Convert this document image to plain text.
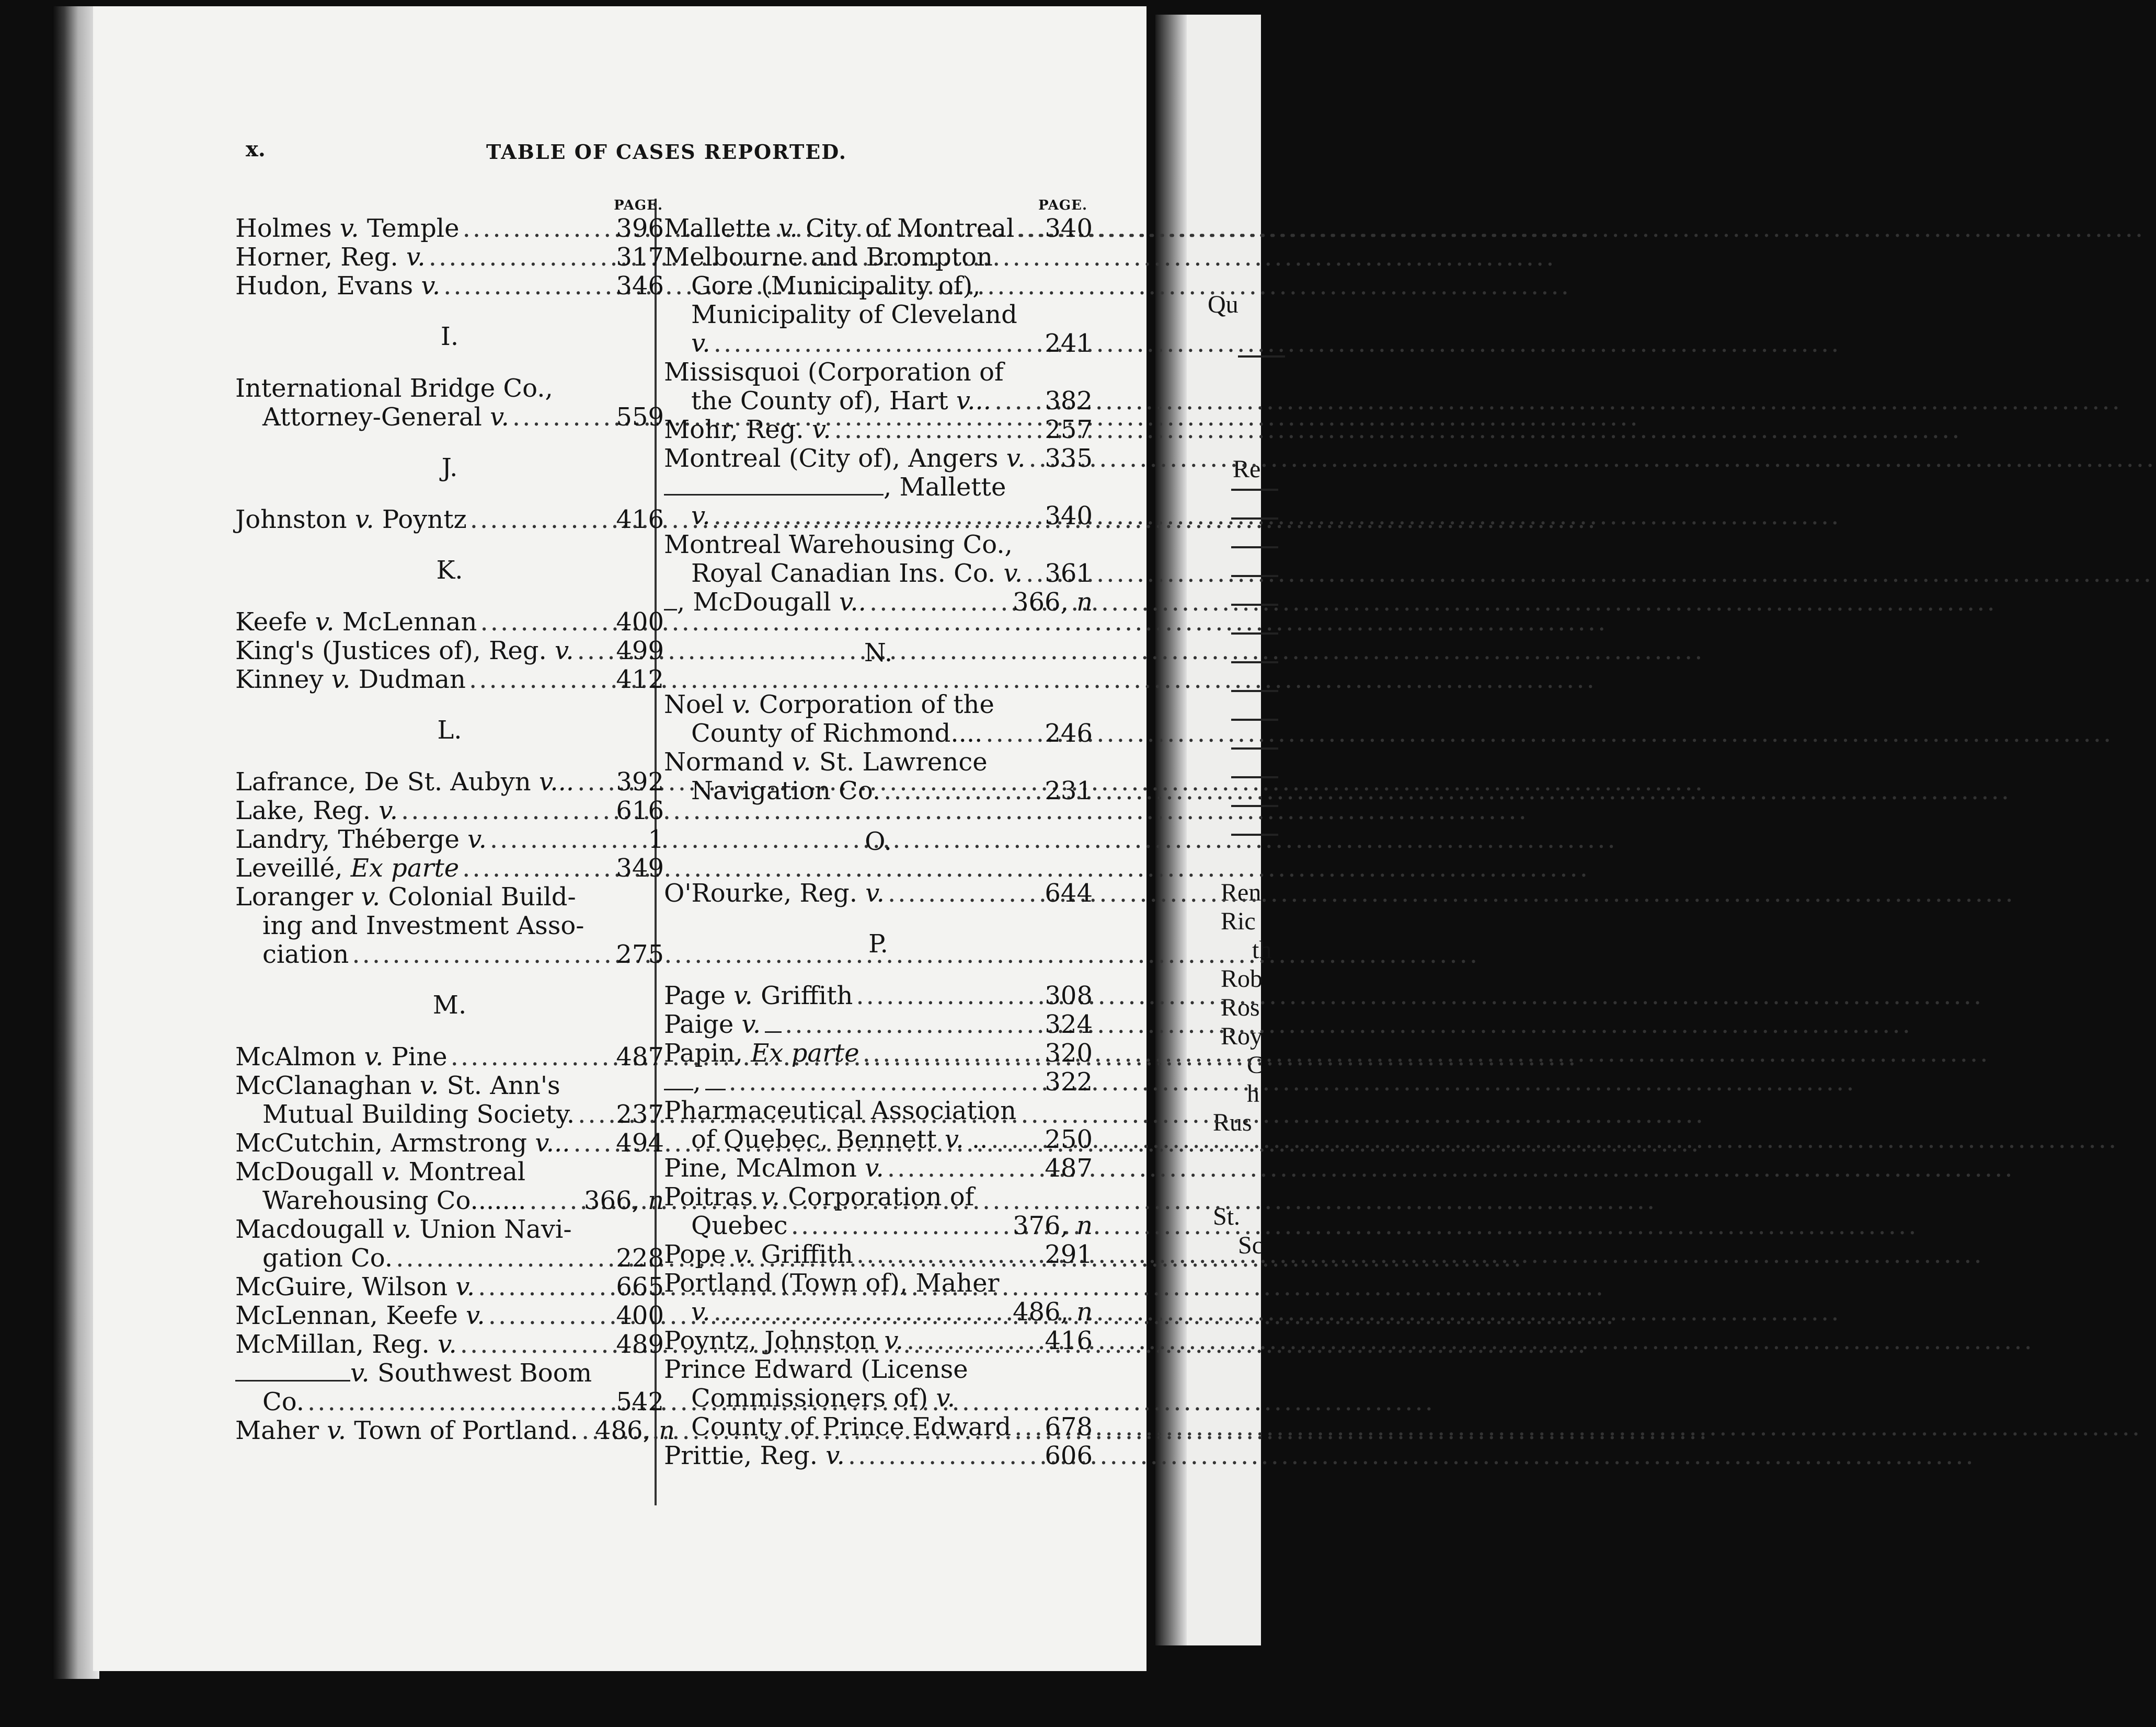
Qu
Re
Ren
Ric
th
Rob
Ros
Roy
C
h
Rus
St.
Sc
x.	TABLE OF CASES REPORTED.
PAGE.
Holmes v. Temple .....	396
Horner, Reg. v. .....	317
Hudon, Evans v. .....	346
I.
International Bridge Co.,
Attorney-General v. .....	559
J.
Johnston v. Poyntz .....	416
K.
Keefe v. McLennan .....	400
King's (Justices of), Reg. v. ..... 499
Kinney v. Dudman .....	412
L.
Lafrance, De St. Aubyn v... ..... 392
Lake, Reg. v. .....	616
Landry, Théberge v. .....	1
Leveillé, Ex parte .....	349
Loranger v. Colonial Build-
ing and Investment Asso-
ciation .....	275
M.
McAlmon v. Pine .....	487
McClanaghan v. St. Ann's
Mutual Building Society. ..... 237
McCutchin, Armstrong v... ..... 494
McDougall v. Montreal
Warehousing Co....... ..... 366, n
Macdougall v. Union Navi-
gation Co. .....	228
McGuire, Wilson v. .....	665
McLennan, Keefe v. .....	400
McMillan, Reg. v. .....	489
v. Southwest Boom
Co. .....	542
Maher v. Town of Portland. ..... 486, n
PAGE.
Mallette v. City of Montreal ..... 340
Melbourne and Brompton
Gore (Municipality of),
Municipality of Cleveland
v. .....	241
Missisquoi (Corporation of
the County of), Hart v... ..... 382
Mohr, Reg. v. .....	257
Montreal (City of), Angers v. ..... 335
, Mallette
v. .....	340
Montreal Warehousing Co.,
Royal Canadian Ins. Co. v. ..... 361
, McDougall v.. .....	366, n
N.
Noel v. Corporation of the
County of Richmond.... ..... 246
Normand v. St. Lawrence
Navigation Co. .....	231
O.
O'Rourke, Reg. v. .....	644
P.
Page v. Griffith .....	308
Paige v. .....	324
Papin, Ex parte .....	320
, .....	322
Pharmaceutical Association
of Quebec, Bennett v. .. ..... 250
Pine, McAlmon v. .....	487
Poitras v. Corporation of
Quebec .....	376, n
Pope v. Griffith .....	291
Portland (Town of), Maher
v. .....	486, n
Poyntz, Johnston v. .....	416
Prince Edward (License
Commissioners of) v.
County of Prince Edward ..... 678
Prittie, Reg. v. .....	606
